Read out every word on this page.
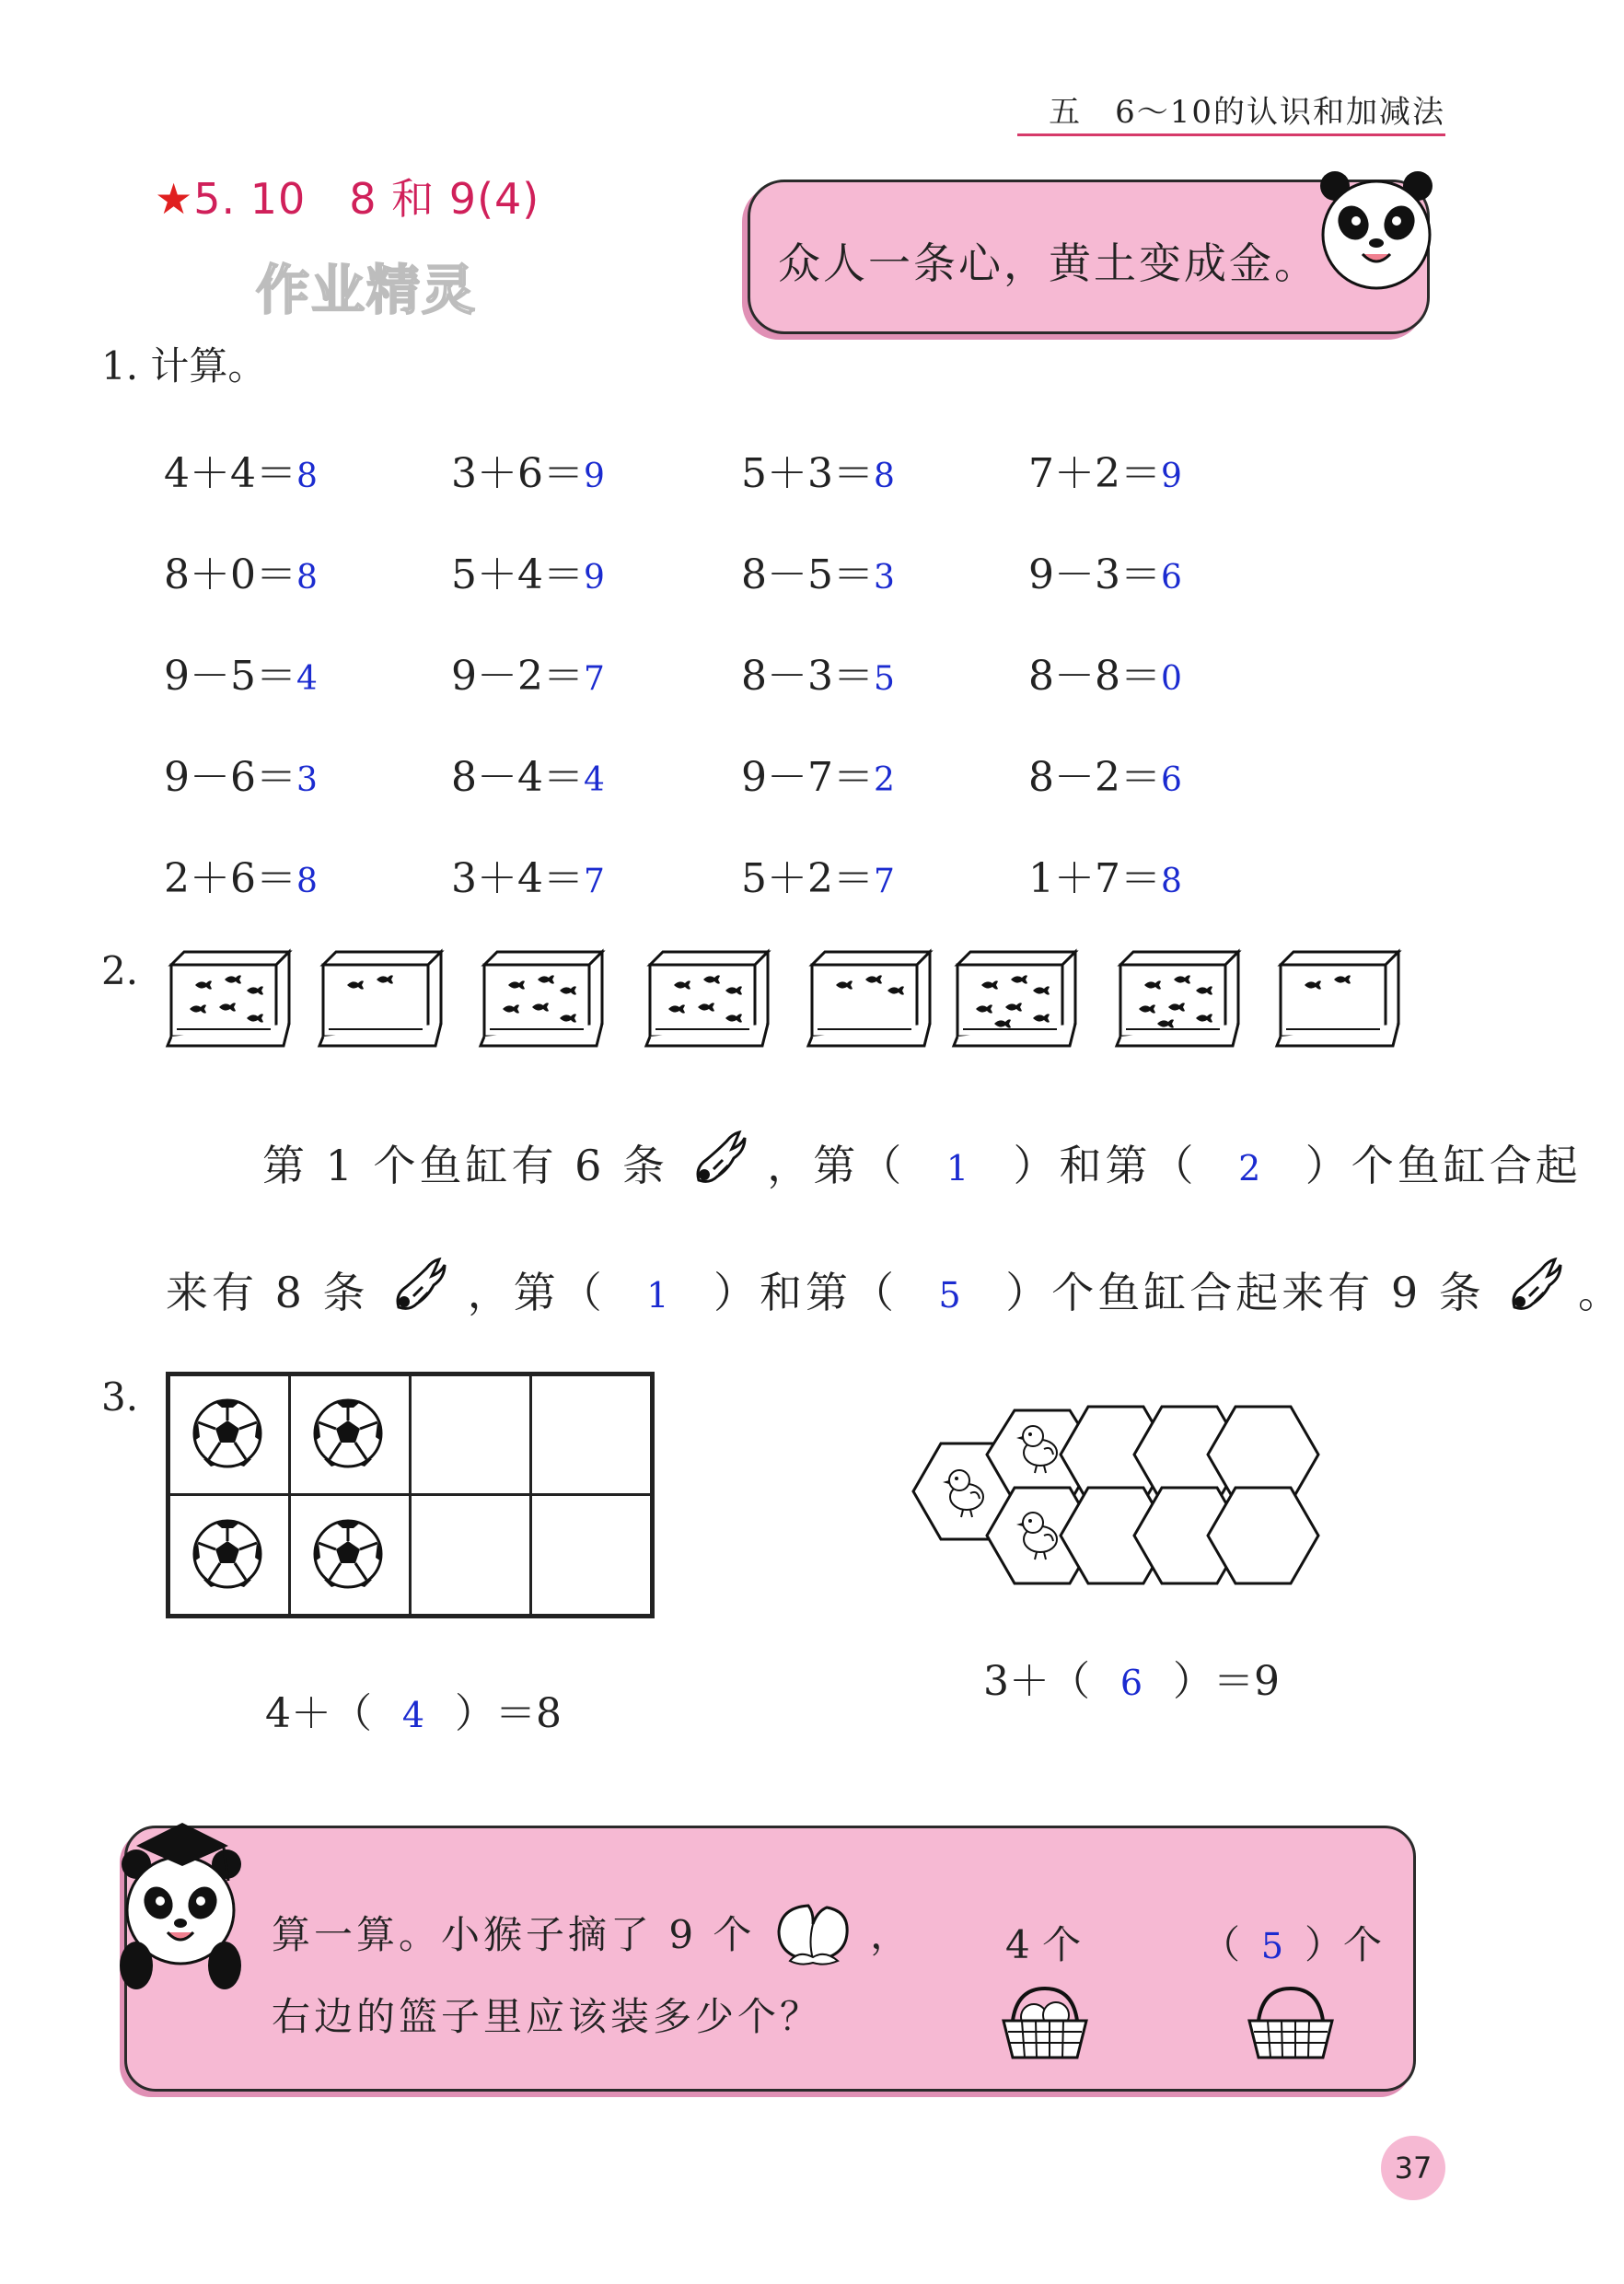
五　6～10的认识和加减法
★5. 10　8 和 9(4)
作业精灵	众人一条心，黄土变成金。
1. 计算。
4＋4＝8	3＋6＝9	5＋3＝8	7＋2＝9
8＋0＝8	5＋4＝9	8－5＝3	9－3＝6
9－5＝4	9－2＝7	8－3＝5	8－8＝0
9－6＝3	8－4＝4	9－7＝2	8－2＝6
2＋6＝8	3＋4＝7	5＋2＝7	1＋7＝8
2.
第 1 个鱼缸有 6 条 ，第（ 1 ）和第（ 2 ）个鱼缸合起
来有 8 条 ，第（ 1 ）和第（ 5 ）个鱼缸合起来有 9 条 。
3.
4＋（ 4 ）＝8
3＋（ 6 ）＝9
算一算。小猴子摘了 9 个	，
右边的篮子里应该装多少个？
4 个	（ 5 ）个
37
